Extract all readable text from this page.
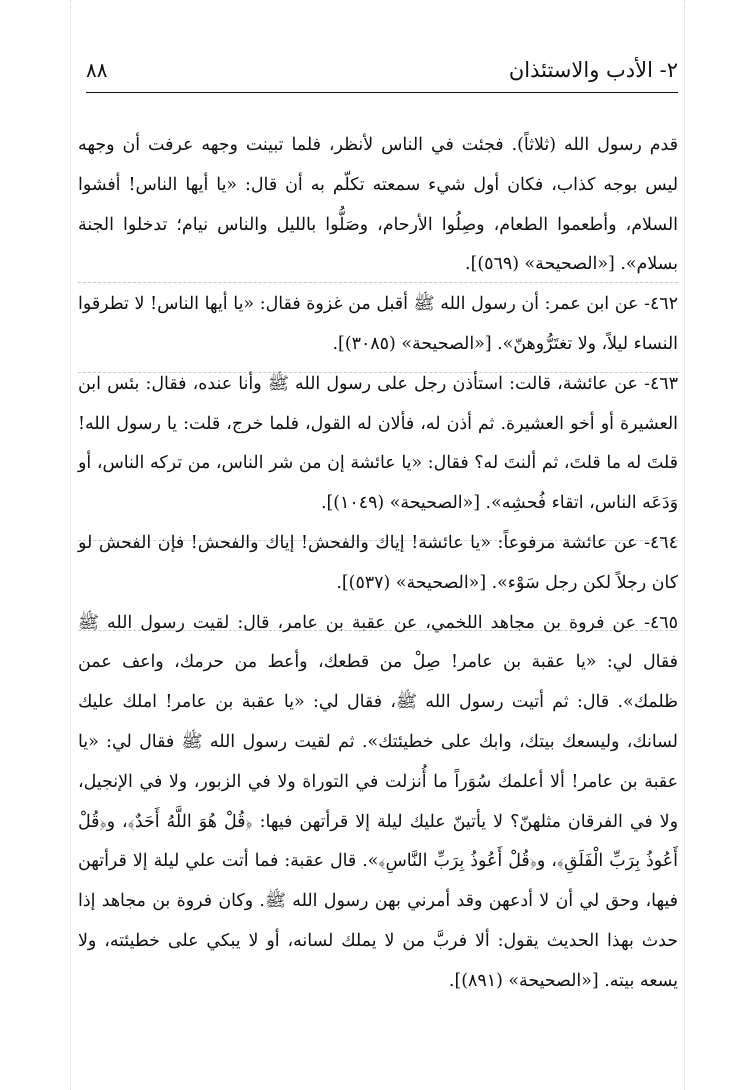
٨٨	٢- الأدب والاستئذان

قدم رسول الله (ثلاثاً). فجئت في الناس لأنظر، فلما تبينت وجهه عرفت أن وجهه ليس بوجه كذاب، فكان أول شيء سمعته تكلّم به أن قال: «يا أيها الناس! أفشوا السلام، وأطعموا الطعام، وصِلُوا الأرحام، وصَلُّوا بالليل والناس نيام؛ تدخلوا الجنة بسلام». [«الصحيحة» (٥٦٩)].

٤٦٢- عن ابن عمر: أن رسول الله ﷺ أقبل من غزوة فقال: «يا أيها الناس! لا تطرقوا النساء ليلاً، ولا تغتَرُّوهنّ». [«الصحيحة» (٣٠٨٥)].

٤٦٣- عن عائشة، قالت: استأذن رجل على رسول الله ﷺ وأنا عنده، فقال: بئس ابن العشيرة أو أخو العشيرة. ثم أذن له، فألان له القول، فلما خرج، قلت: يا رسول الله! قلتَ له ما قلتَ، ثم ألنتَ له؟ فقال: «يا عائشة إن من شر الناس، من تركه الناس، أو وَدَعَه الناس، اتقاء فُحشِه». [«الصحيحة» (١٠٤٩)].

٤٦٤- عن عائشة مرفوعاً: «يا عائشة! إياك والفحش! إياك والفحش! فإن الفحش لو كان رجلاً لكن رجل سَوْء». [«الصحيحة» (٥٣٧)].

٤٦٥- عن فروة بن مجاهد اللخمي، عن عقبة بن عامر، قال: لقيت رسول الله ﷺ فقال لي: «يا عقبة بن عامر! صِلْ من قطعك، وأعط من حرمك، واعف عمن ظلمك». قال: ثم أتيت رسول الله ﷺ، فقال لي: «يا عقبة بن عامر! املك عليك لسانك، وليسعك بيتك، وابك على خطيئتك». ثم لقيت رسول الله ﷺ فقال لي: «يا عقبة بن عامر! ألا أعلمك سُوَراً ما أُنزلت في التوراة ولا في الزبور، ولا في الإنجيل، ولا في الفرقان مثلهنّ؟ لا يأتينّ عليك ليلة إلا قرأتهن فيها: ﴿قُلْ هُوَ اللَّهُ أَحَدٌ﴾، و﴿قُلْ أَعُوذُ بِرَبِّ الْفَلَقِ﴾، و﴿قُلْ أَعُوذُ بِرَبِّ النَّاسِ﴾». قال عقبة: فما أتت علي ليلة إلا قرأتهن فيها، وحق لي أن لا أدعهن وقد أمرني بهن رسول الله ﷺ. وكان فروة بن مجاهد إذا حدث بهذا الحديث يقول: ألا فربَّ من لا يملك لسانه، أو لا يبكي على خطيئته، ولا يسعه بيته. [«الصحيحة» (٨٩١)].
